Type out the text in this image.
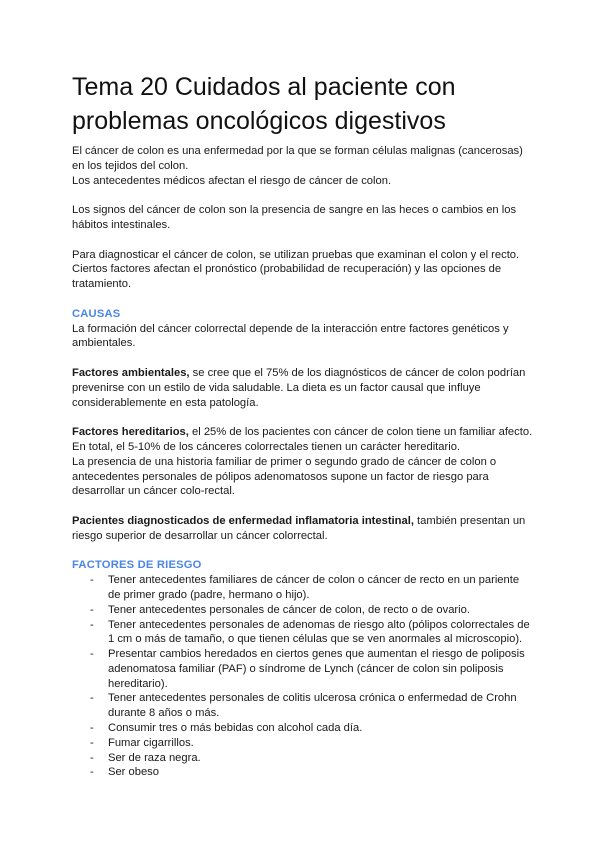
Tema 20 Cuidados al paciente con problemas oncológicos digestivos

El cáncer de colon es una enfermedad por la que se forman células malignas (cancerosas) en los tejidos del colon.

Los antecedentes médicos afectan el riesgo de cáncer de colon.

Los signos del cáncer de colon son la presencia de sangre en las heces o cambios en los hábitos intestinales.

Para diagnosticar el cáncer de colon, se utilizan pruebas que examinan el colon y el recto.

Ciertos factores afectan el pronóstico (probabilidad de recuperación) y las opciones de tratamiento.

CAUSAS

La formación del cáncer colorrectal depende de la interacción entre factores genéticos y ambientales.

Factores ambientales, se cree que el 75% de los diagnósticos de cáncer de colon podrían prevenirse con un estilo de vida saludable. La dieta es un factor causal que influye considerablemente en esta patología.

Factores hereditarios, el 25% de los pacientes con cáncer de colon tiene un familiar afecto. En total, el 5-10% de los cánceres colorrectales tienen un carácter hereditario.

La presencia de una historia familiar de primer o segundo grado de cáncer de colon o antecedentes personales de pólipos adenomatosos supone un factor de riesgo para desarrollar un cáncer colo-rectal.

Pacientes diagnosticados de enfermedad inflamatoria intestinal, también presentan un riesgo superior de desarrollar un cáncer colorrectal.

FACTORES DE RIESGO

- Tener antecedentes familiares de cáncer de colon o cáncer de recto en un pariente de primer grado (padre, hermano o hijo).
- Tener antecedentes personales de cáncer de colon, de recto o de ovario.
- Tener antecedentes personales de adenomas de riesgo alto (pólipos colorrectales de 1 cm o más de tamaño, o que tienen células que se ven anormales al microscopio).
- Presentar cambios heredados en ciertos genes que aumentan el riesgo de poliposis adenomatosa familiar (PAF) o síndrome de Lynch (cáncer de colon sin poliposis hereditario).
- Tener antecedentes personales de colitis ulcerosa crónica o enfermedad de Crohn durante 8 años o más.
- Consumir tres o más bebidas con alcohol cada día.
- Fumar cigarrillos.
- Ser de raza negra.
- Ser obeso
